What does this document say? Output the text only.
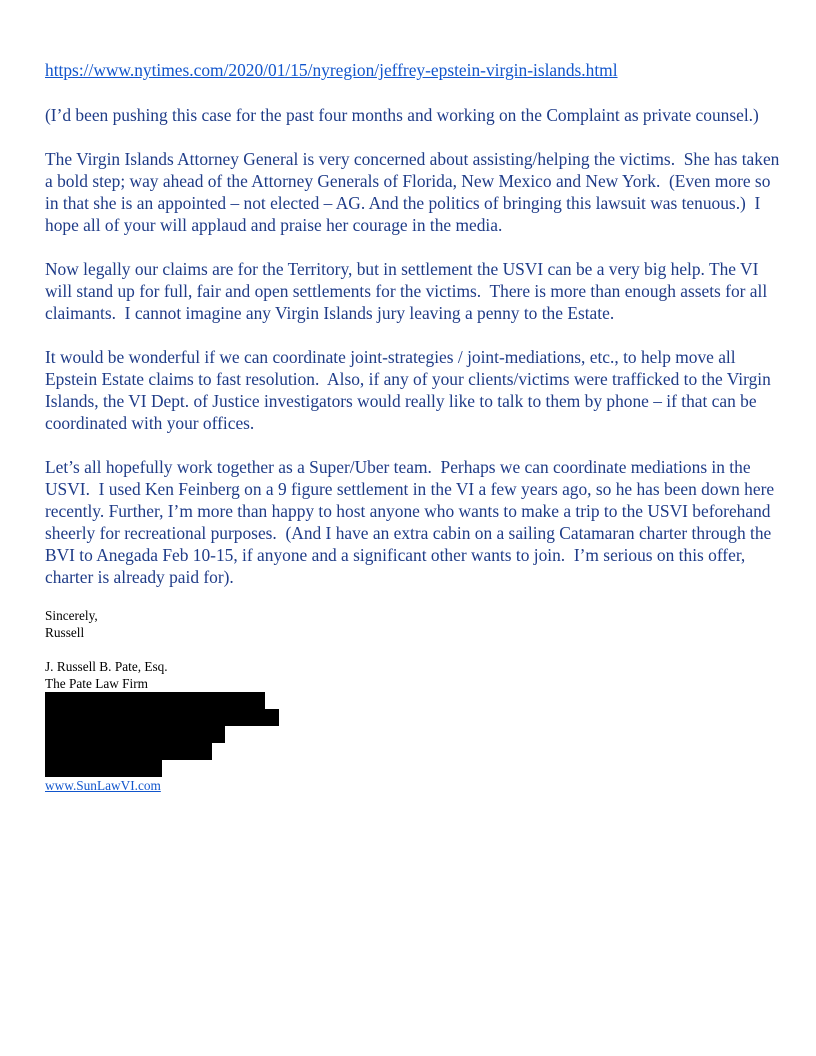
https://www.nytimes.com/2020/01/15/nyregion/jeffrey-epstein-virgin-islands.html

(I’d been pushing this case for the past four months and working on the Complaint as private counsel.)

The Virgin Islands Attorney General is very concerned about assisting/helping the victims.  She has taken a bold step; way ahead of the Attorney Generals of Florida, New Mexico and New York.  (Even more so in that she is an appointed – not elected – AG. And the politics of bringing this lawsuit was tenuous.)  I hope all of your will applaud and praise her courage in the media.

Now legally our claims are for the Territory, but in settlement the USVI can be a very big help. The VI will stand up for full, fair and open settlements for the victims.  There is more than enough assets for all claimants.  I cannot imagine any Virgin Islands jury leaving a penny to the Estate.

It would be wonderful if we can coordinate joint-strategies / joint-mediations, etc., to help move all Epstein Estate claims to fast resolution.  Also, if any of your clients/victims were trafficked to the Virgin Islands, the VI Dept. of Justice investigators would really like to talk to them by phone – if that can be coordinated with your offices.

Let’s all hopefully work together as a Super/Uber team.  Perhaps we can coordinate mediations in the USVI.  I used Ken Feinberg on a 9 figure settlement in the VI a few years ago, so he has been down here recently. Further, I’m more than happy to host anyone who wants to make a trip to the USVI beforehand sheerly for recreational purposes.  (And I have an extra cabin on a sailing Catamaran charter through the BVI to Anegada Feb 10-15, if anyone and a significant other wants to join.  I’m serious on this offer, charter is already paid for).

Sincerely,

Russell

J. Russell B. Pate, Esq.

The Pate Law Firm

www.SunLawVI.com
